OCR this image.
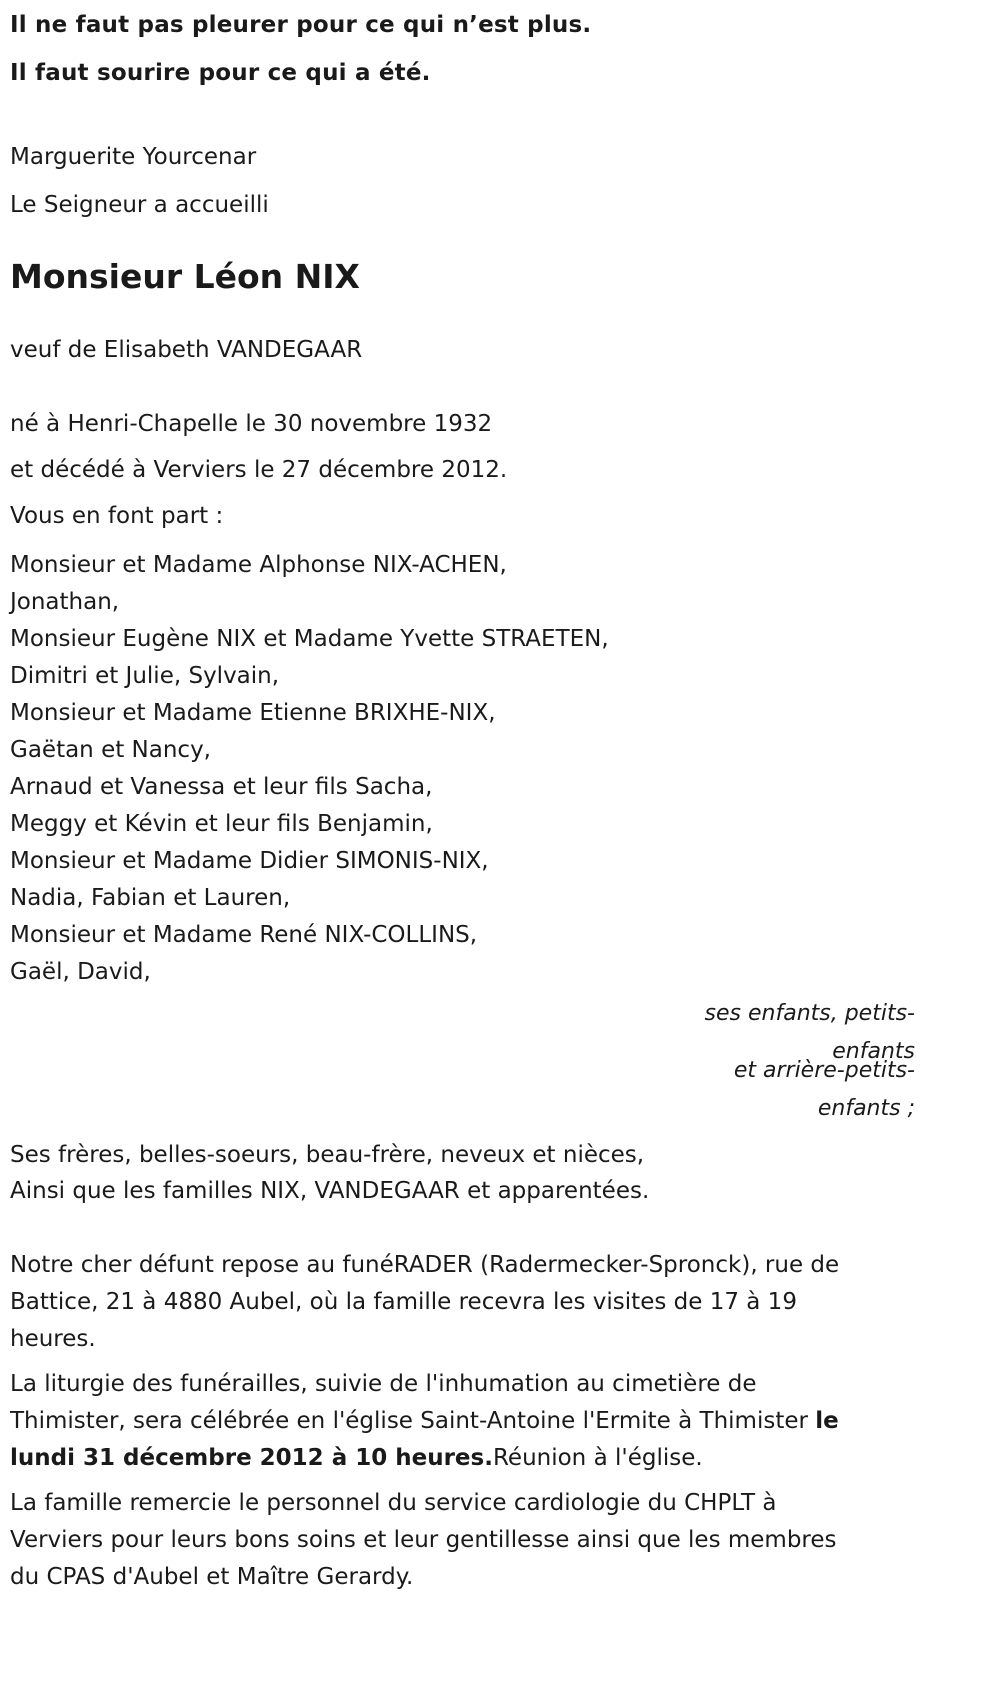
Il ne faut pas pleurer pour ce qui n’est plus.

Il faut sourire pour ce qui a été.

Marguerite Yourcenar

Le Seigneur a accueilli

Monsieur Léon NIX

veuf de Elisabeth VANDEGAAR

né à Henri-Chapelle le 30 novembre 1932

et décédé à Verviers le 27 décembre 2012.

Vous en font part :

Monsieur et Madame Alphonse NIX-ACHEN,
Jonathan,
Monsieur Eugène NIX et Madame Yvette STRAETEN,
Dimitri et Julie, Sylvain,
Monsieur et Madame Etienne BRIXHE-NIX,
Gaëtan et Nancy,
Arnaud et Vanessa et leur fils Sacha,
Meggy et Kévin et leur fils Benjamin,
Monsieur et Madame Didier SIMONIS-NIX,
Nadia, Fabian et Lauren,
Monsieur et Madame René NIX-COLLINS,
Gaël, David,
ses enfants, petits-
enfants
et arrière-petits-
enfants ;
Ses frères, belles-soeurs, beau-frère, neveux et nièces,
Ainsi que les familles NIX, VANDEGAAR et apparentées.
Notre cher défunt repose au funéRADER (Radermecker-Spronck), rue de
Battice, 21 à 4880 Aubel, où la famille recevra les visites de 17 à 19
heures.
La liturgie des funérailles, suivie de l'inhumation au cimetière de
Thimister, sera célébrée en l'église Saint-Antoine l'Ermite à Thimister le
lundi 31 décembre 2012 à 10 heures.Réunion à l'église.
La famille remercie le personnel du service cardiologie du CHPLT à
Verviers pour leurs bons soins et leur gentillesse ainsi que les membres
du CPAS d'Aubel et Maître Gerardy.
